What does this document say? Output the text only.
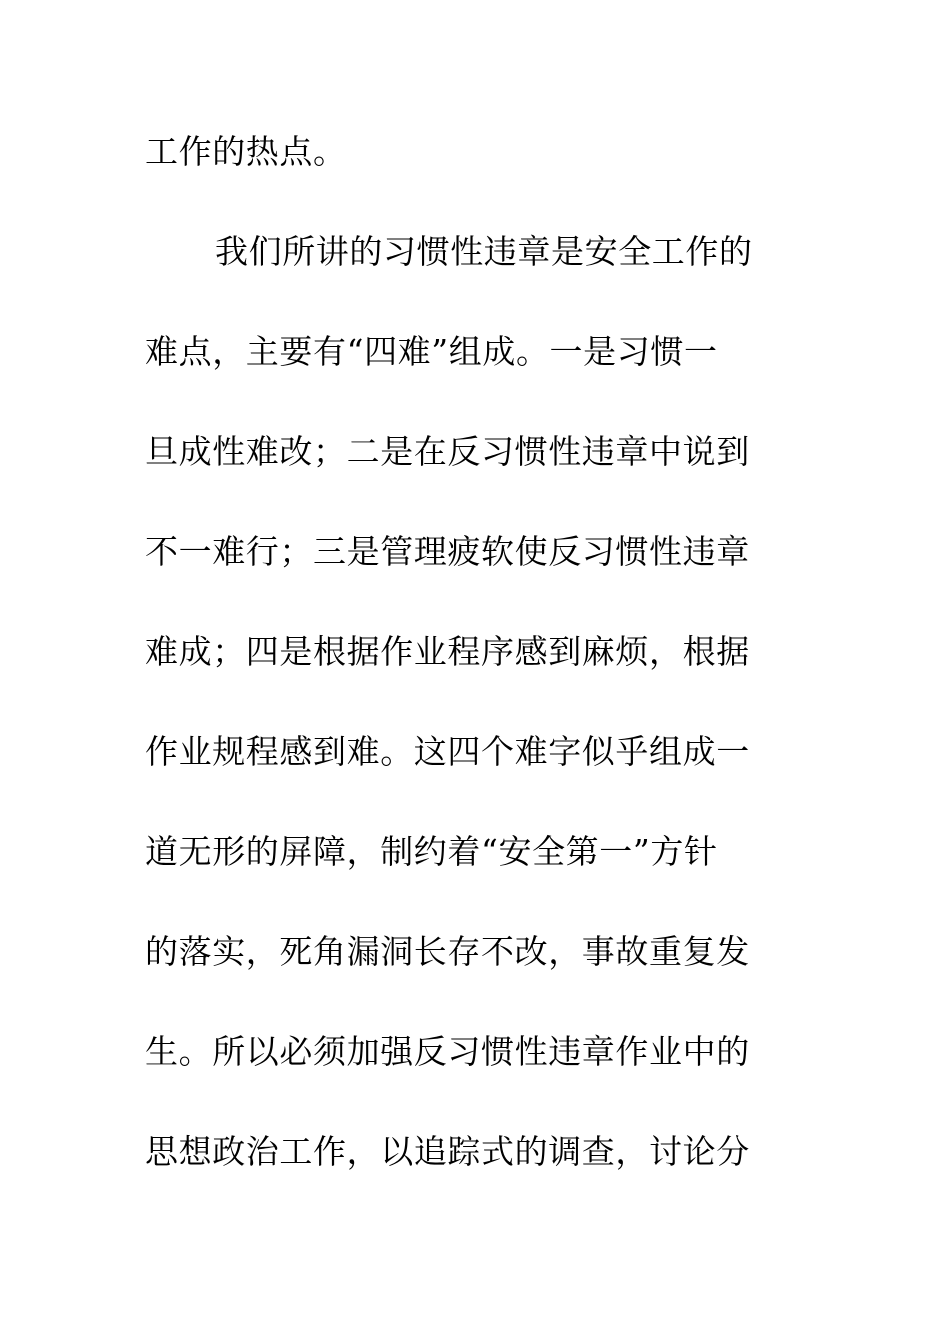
工作的热点。
我们所讲的习惯性违章是安全工作的
难点，主要有“四难”组成。一是习惯一
旦成性难改；二是在反习惯性违章中说到
不一难行；三是管理疲软使反习惯性违章
难成；四是根据作业程序感到麻烦，根据
作业规程感到难。这四个难字似乎组成一
道无形的屏障，制约着“安全第一”方针
的落实，死角漏洞长存不改，事故重复发
生。所以必须加强反习惯性违章作业中的
思想政治工作，以追踪式的调查，讨论分
